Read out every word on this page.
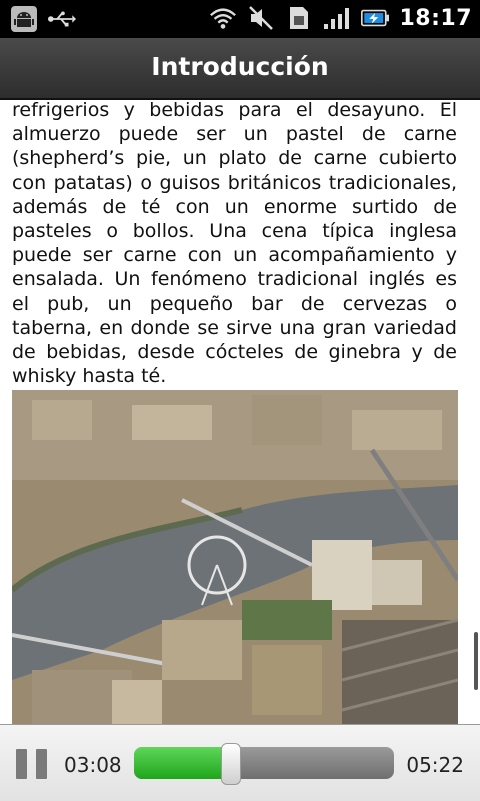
18:17
Introducción
refrigerios y bebidas para el desayuno. El almuerzo puede ser un pastel de carne (shepherd’s pie, un plato de carne cubierto con patatas) o guisos británicos tradicionales, además de té con un enorme surtido de pasteles o bollos. Una cena típica inglesa puede ser carne con un acompañamiento y ensalada. Un fenómeno tradicional inglés es el pub, un pequeño bar de cervezas o taberna, en donde se sirve una gran variedad de bebidas, desde cócteles de ginebra y de whisky hasta té.
03:08	05:22
